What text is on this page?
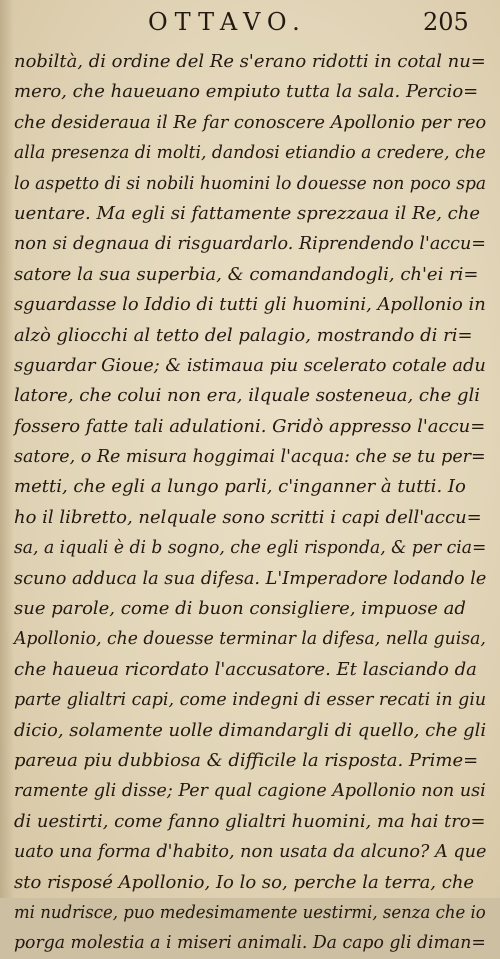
OTTAVO.	205
nobiltà, di ordine del Re s'erano ridotti in cotal nu=
mero, che haueuano empiuto tutta la sala. Percio=
che desideraua il Re far conoscere Apollonio per reo
alla presenza di molti, dandosi etiandio a credere, che
lo aspetto di si nobili huomini lo douesse non poco spa
uentare. Ma egli si fattamente sprezzaua il Re, che
non si degnaua di risguardarlo. Riprendendo l'accu=
satore la sua superbia, & comandandogli, ch'ei ri=
sguardasse lo Iddio di tutti gli huomini, Apollonio in
alzò gliocchi al tetto del palagio, mostrando di ri=
sguardar Gioue; & istimaua piu scelerato cotale adu
latore, che colui non era, ilquale sosteneua, che gli
fossero fatte tali adulationi. Gridò appresso l'accu=
satore, o Re misura hoggimai l'acqua: che se tu per=
metti, che egli a lungo parli, c'inganner à tutti. Io
ho il libretto, nelquale sono scritti i capi dell'accu=
sa, a iquali è di b sogno, che egli risponda, & per cia=
scuno adduca la sua difesa. L'Imperadore lodando le
sue parole, come di buon consigliere, impuose ad
Apollonio, che douesse terminar la difesa, nella guisa,
che haueua ricordato l'accusatore. Et lasciando da
parte glialtri capi, come indegni di esser recati in giu
dicio, solamente uolle dimandargli di quello, che gli
pareua piu dubbiosa & difficile la risposta. Prime=
ramente gli disse; Per qual cagione Apollonio non usi
di uestirti, come fanno glialtri huomini, ma hai tro=
uato una forma d'habito, non usata da alcuno? A que
sto risposé Apollonio, Io lo so, perche la terra, che
mi nudrisce, puo medesimamente uestirmi, senza che io
porga molestia a i miseri animali. Da capo gli diman=
